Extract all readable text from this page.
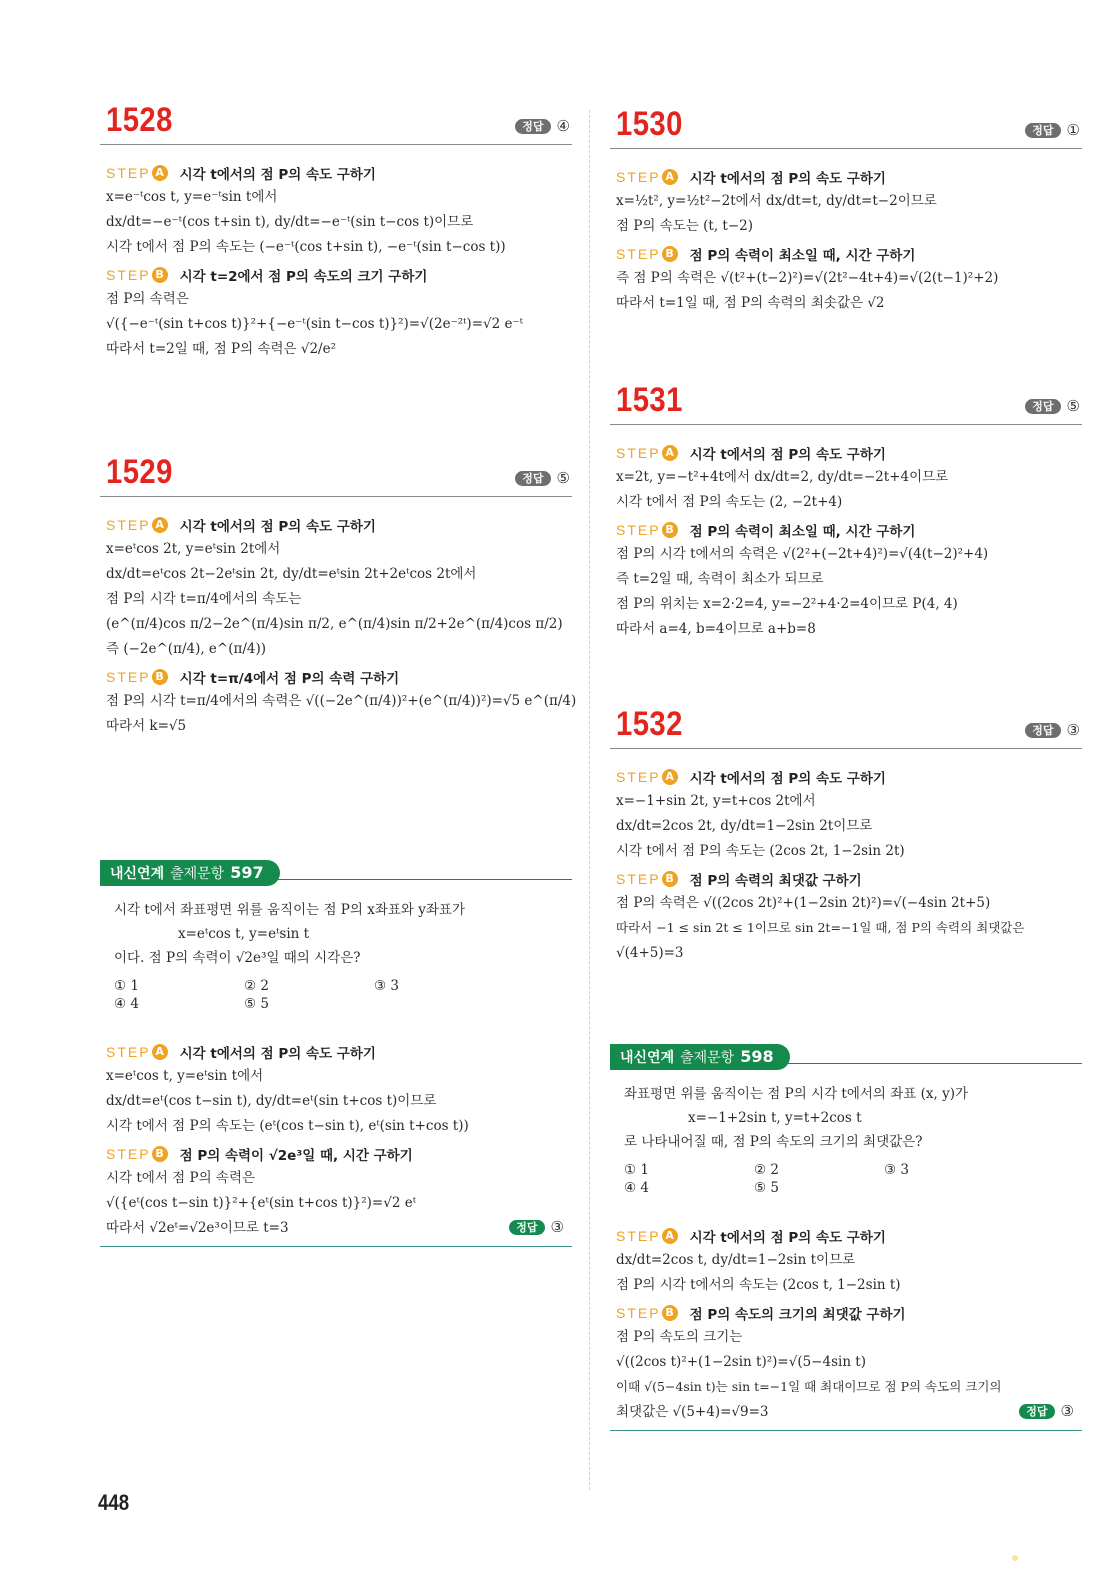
1528	정답 ④
STEP A 시각 t에서의 점 P의 속도 구하기
x=e⁻ᵗcos t, y=e⁻ᵗsin t에서
dx/dt=−e⁻ᵗ(cos t+sin t), dy/dt=−e⁻ᵗ(sin t−cos t)이므로
시각 t에서 점 P의 속도는 (−e⁻ᵗ(cos t+sin t), −e⁻ᵗ(sin t−cos t))
STEP B 시각 t=2에서 점 P의 속도의 크기 구하기
점 P의 속력은
√({−e⁻ᵗ(sin t+cos t)}²+{−e⁻ᵗ(sin t−cos t)}²)=√(2e⁻²ᵗ)=√2 e⁻ᵗ
따라서 t=2일 때, 점 P의 속력은 √2/e²
1529	정답 ⑤
STEP A 시각 t에서의 점 P의 속도 구하기
x=eᵗcos 2t, y=eᵗsin 2t에서
dx/dt=eᵗcos 2t−2eᵗsin 2t, dy/dt=eᵗsin 2t+2eᵗcos 2t에서
점 P의 시각 t=π/4에서의 속도는
(e^(π/4)cos π/2−2e^(π/4)sin π/2, e^(π/4)sin π/2+2e^(π/4)cos π/2)
즉 (−2e^(π/4), e^(π/4))
STEP B 시각 t=π/4에서 점 P의 속력 구하기
점 P의 시각 t=π/4에서의 속력은 √((−2e^(π/4))²+(e^(π/4))²)=√5 e^(π/4)
따라서 k=√5
내신연계 출제문항 597
시각 t에서 좌표평면 위를 움직이는 점 P의 x좌표와 y좌표가
x=eᵗcos t, y=eᵗsin t
이다. 점 P의 속력이 √2e³일 때의 시각은?
① 1	② 2	③ 3
④ 4	⑤ 5
STEP A 시각 t에서의 점 P의 속도 구하기
x=eᵗcos t, y=eᵗsin t에서
dx/dt=eᵗ(cos t−sin t), dy/dt=eᵗ(sin t+cos t)이므로
시각 t에서 점 P의 속도는 (eᵗ(cos t−sin t), eᵗ(sin t+cos t))
STEP B 점 P의 속력이 √2e³일 때, 시간 구하기
시각 t에서 점 P의 속력은
√({eᵗ(cos t−sin t)}²+{eᵗ(sin t+cos t)}²)=√2 eᵗ
따라서 √2eᵗ=√2e³이므로 t=3	정답 ③
1530	정답 ①
STEP A 시각 t에서의 점 P의 속도 구하기
x=½t², y=½t²−2t에서 dx/dt=t, dy/dt=t−2이므로
점 P의 속도는 (t, t−2)
STEP B 점 P의 속력이 최소일 때, 시간 구하기
즉 점 P의 속력은 √(t²+(t−2)²)=√(2t²−4t+4)=√(2(t−1)²+2)
따라서 t=1일 때, 점 P의 속력의 최솟값은 √2
1531	정답 ⑤
STEP A 시각 t에서의 점 P의 속도 구하기
x=2t, y=−t²+4t에서 dx/dt=2, dy/dt=−2t+4이므로
시각 t에서 점 P의 속도는 (2, −2t+4)
STEP B 점 P의 속력이 최소일 때, 시간 구하기
점 P의 시각 t에서의 속력은 √(2²+(−2t+4)²)=√(4(t−2)²+4)
즉 t=2일 때, 속력이 최소가 되므로
점 P의 위치는 x=2·2=4, y=−2²+4·2=4이므로 P(4, 4)
따라서 a=4, b=4이므로 a+b=8
1532	정답 ③
STEP A 시각 t에서의 점 P의 속도 구하기
x=−1+sin 2t, y=t+cos 2t에서
dx/dt=2cos 2t, dy/dt=1−2sin 2t이므로
시각 t에서 점 P의 속도는 (2cos 2t, 1−2sin 2t)
STEP B 점 P의 속력의 최댓값 구하기
점 P의 속력은 √((2cos 2t)²+(1−2sin 2t)²)=√(−4sin 2t+5)
따라서 −1 ≤ sin 2t ≤ 1이므로 sin 2t=−1일 때, 점 P의 속력의 최댓값은
√(4+5)=3
내신연계 출제문항 598
좌표평면 위를 움직이는 점 P의 시각 t에서의 좌표 (x, y)가
x=−1+2sin t, y=t+2cos t
로 나타내어질 때, 점 P의 속도의 크기의 최댓값은?
① 1	② 2	③ 3
④ 4	⑤ 5
STEP A 시각 t에서의 점 P의 속도 구하기
dx/dt=2cos t, dy/dt=1−2sin t이므로
점 P의 시각 t에서의 속도는 (2cos t, 1−2sin t)
STEP B 점 P의 속도의 크기의 최댓값 구하기
점 P의 속도의 크기는
√((2cos t)²+(1−2sin t)²)=√(5−4sin t)
이때 √(5−4sin t)는 sin t=−1일 때 최대이므로 점 P의 속도의 크기의
최댓값은 √(5+4)=√9=3	정답 ③
448
